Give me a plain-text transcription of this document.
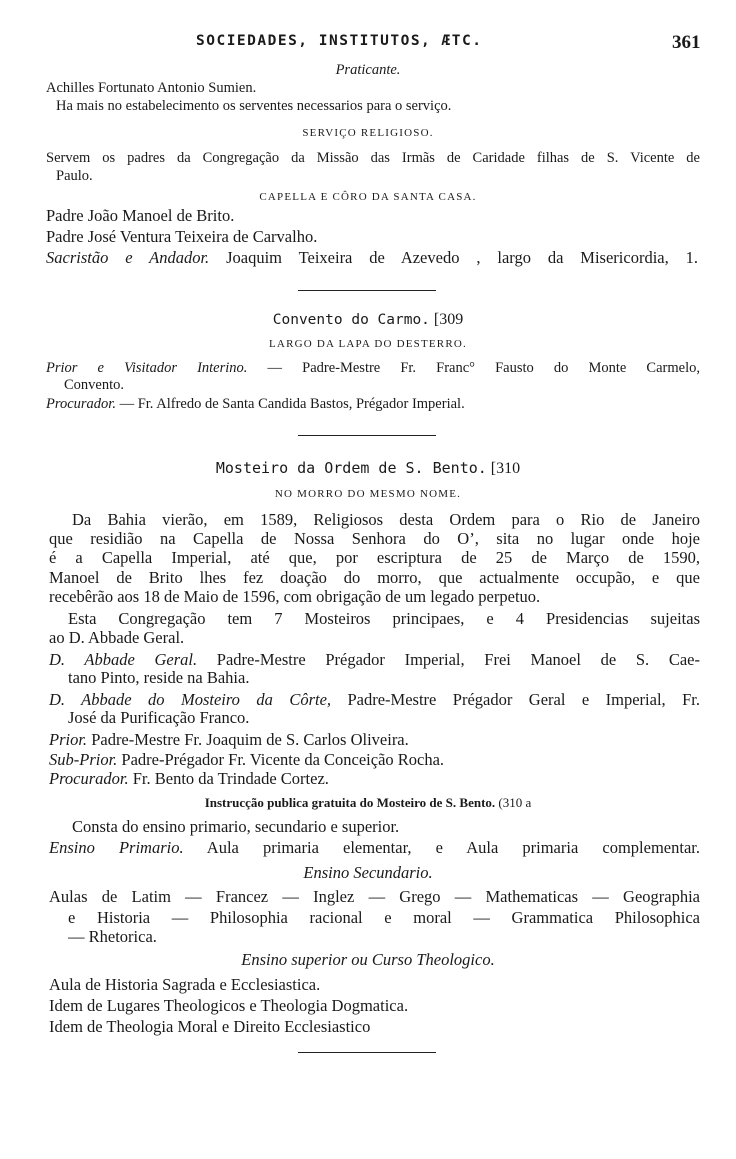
SOCIEDADES, INSTITUTOS, ÆTC.	361
Praticante.
Achilles Fortunato Antonio Sumien.
Ha mais no estabelecimento os serventes necessarios para o serviço.
SERVIÇO RELIGIOSO.
Servem os padres da Congregação da Missão das Irmãs de Caridade filhas de S. Vicente de
Paulo.
CAPELLA E CÔRO DA SANTA CASA.
Padre João Manoel de Brito.
Padre José Ventura Teixeira de Carvalho.
Sacristão e Andador. Joaquim Teixeira de Azevedo , largo da Misericordia, 1.
Convento do Carmo. [309
LARGO DA LAPA DO DESTERRO.
Prior e Visitador Interino. — Padre-Mestre Fr. Franc° Fausto do Monte Carmelo,
Convento.
Procurador. — Fr. Alfredo de Santa Candida Bastos, Prégador Imperial.
Mosteiro da Ordem de S. Bento. [310
NO MORRO DO MESMO NOME.
Da Bahia vierão, em 1589, Religiosos desta Ordem para o Rio de Janeiro
que residião na Capella de Nossa Senhora do O’, sita no lugar onde hoje
é a Capella Imperial, até que, por escriptura de 25 de Março de 1590,
Manoel de Brito lhes fez doação do morro, que actualmente occupão, e que
recebêrão aos 18 de Maio de 1596, com obrigação de um legado perpetuo.
Esta Congregação tem 7 Mosteiros principaes, e 4 Presidencias sujeitas
ao D. Abbade Geral.
D. Abbade Geral. Padre-Mestre Prégador Imperial, Frei Manoel de S. Cae-
tano Pinto, reside na Bahia.
D. Abbade do Mosteiro da Côrte, Padre-Mestre Prégador Geral e Imperial, Fr.
José da Purificação Franco.
Prior. Padre-Mestre Fr. Joaquim de S. Carlos Oliveira.
Sub-Prior. Padre-Prégador Fr. Vicente da Conceição Rocha.
Procurador. Fr. Bento da Trindade Cortez.
Instrucção publica gratuita do Mosteiro de S. Bento. (310 a
Consta do ensino primario, secundario e superior.
Ensino Primario. Aula primaria elementar, e Aula primaria complementar.
Ensino Secundario.
Aulas de Latim — Francez — Inglez — Grego — Mathematicas — Geographia
e Historia — Philosophia racional e moral — Grammatica Philosophica
— Rhetorica.
Ensino superior ou Curso Theologico.
Aula de Historia Sagrada e Ecclesiastica.
Idem de Lugares Theologicos e Theologia Dogmatica.
Idem de Theologia Moral e Direito Ecclesiastico
